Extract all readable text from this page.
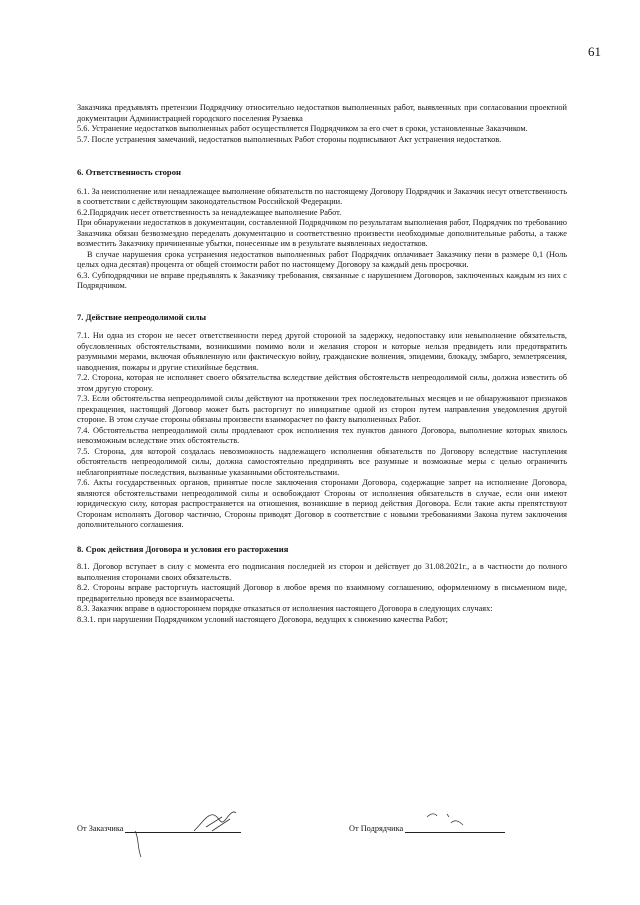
61

Заказчика предъявлять претензии Подрядчику относительно недостатков выполненных работ, выявленных при согласовании проектной документации Администрацией городского поселения Рузаевка

5.6. Устранение недостатков выполненных работ осуществляется Подрядчиком за его счет в сроки, установленные Заказчиком.

5.7. После устранения замечаний, недостатков выполненных Работ стороны подписывают Акт устранения недостатков.

6. Ответственность сторон

6.1. За неисполнение или ненадлежащее выполнение обязательств по настоящему Договору Подрядчик и Заказчик несут ответственность в соответствии с действующим законодательством Российской Федерации.

6.2.Подрядчик несет ответственность за ненадлежащее выполнение Работ.

При обнаружении недостатков в документации, составленной Подрядчиком по результатам выполнения работ, Подрядчик по требованию Заказчика обязан безвозмездно переделать документацию и соответственно произвести необходимые дополнительные работы, а также возместить Заказчику причиненные убытки, понесенные им в результате выявленных недостатков.

В случае нарушения срока устранения недостатков выполненных работ Подрядчик оплачивает Заказчику пени в размере 0,1 (Ноль целых одна десятая) процента от общей стоимости работ по настоящему Договору за каждый день просрочки.

6.3. Субподрядчики не вправе предъявлять к Заказчику требования, связанные с нарушением Договоров, заключенных каждым из них с Подрядчиком.

7. Действие непреодолимой силы

7.1. Ни одна из сторон не несет ответственности перед другой стороной за задержку, недопоставку или невыполнение обязательств, обусловленных обстоятельствами, возникшими помимо воли и желания сторон и которые нельзя предвидеть или предотвратить разумными мерами, включая объявленную или фактическую войну, гражданские волнения, эпидемии, блокаду, эмбарго, землетрясения, наводнения, пожары и другие стихийные бедствия.

7.2. Сторона, которая не исполняет своего обязательства вследствие действия обстоятельств непреодолимой силы, должна известить об этом другую сторону.

7.3. Если обстоятельства непреодолимой силы действуют на протяжении трех последовательных месяцев и не обнаруживают признаков прекращения, настоящий Договор может быть расторгнут по инициативе одной из сторон путем направления уведомления другой стороне. В этом случае стороны обязаны произвести взаиморасчет по факту выполненных Работ.

7.4. Обстоятельства непреодолимой силы продлевают срок исполнения тех пунктов данного Договора, выполнение которых явилось невозможным вследствие этих обстоятельств.

7.5. Сторона, для которой создалась невозможность надлежащего исполнения обязательств по Договору вследствие наступления обстоятельств непреодолимой силы, должна самостоятельно предпринять все разумные и возможные меры с целью ограничить неблагоприятные последствия, вызванные указанными обстоятельствами.

7.6. Акты государственных органов, принятые после заключения сторонами Договора, содержащие запрет на исполнение Договора, являются обстоятельствами непреодолимой силы и освобождают Стороны от исполнения обязательств в случае, если они имеют юридическую силу, которая распространяется на отношения, возникшие в период действия Договора. Если такие акты препятствуют Сторонам исполнять Договор частично, Стороны приводят Договор в соответствие с новыми требованиями Закона путем заключения дополнительного соглашения.

8. Срок действия Договора и условия его расторжения

8.1. Договор вступает в силу с момента его подписания последней из сторон и действует до 31.08.2021г., а в частности до полного выполнения сторонами своих обязательств.

8.2. Стороны вправе расторгнуть настоящий Договор в любое время по взаимному соглашению, оформленному в письменном виде, предварительно проведя все взаиморасчеты.

8.3. Заказчик вправе в одностороннем порядке отказаться от исполнения настоящего Договора в следующих случаях:

8.3.1. при нарушении Подрядчиком условий настоящего Договора, ведущих к снижению качества Работ;

От Заказчика	От Подрядчика
